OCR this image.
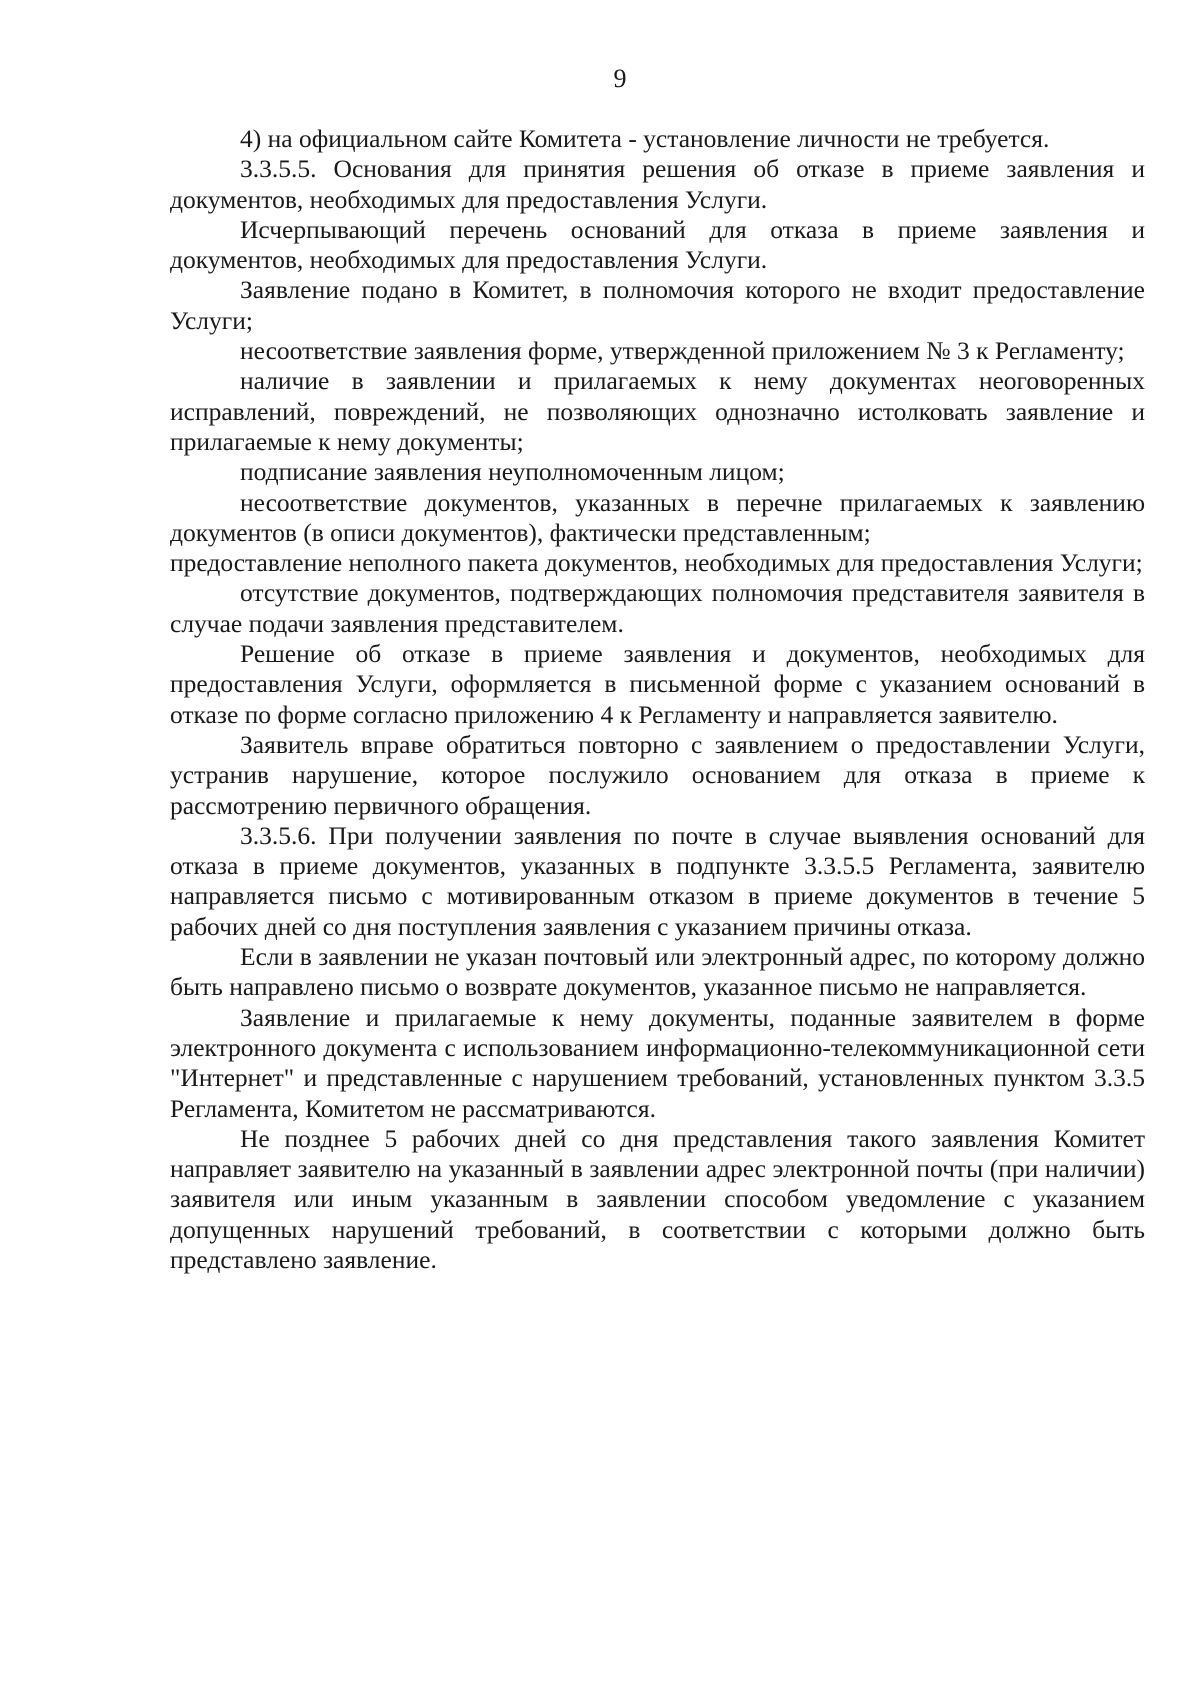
9

4) на официальном сайте Комитета - установление личности не требуется.

3.3.5.5. Основания для принятия решения об отказе в приеме заявления и документов, необходимых для предоставления Услуги.

Исчерпывающий перечень оснований для отказа в приеме заявления и документов, необходимых для предоставления Услуги.

Заявление подано в Комитет, в полномочия которого не входит предоставление Услуги;

несоответствие заявления форме, утвержденной приложением № 3 к Регламенту;

наличие в заявлении и прилагаемых к нему документах неоговоренных исправлений, повреждений, не позволяющих однозначно истолковать заявление и прилагаемые к нему документы;

подписание заявления неуполномоченным лицом;

несоответствие документов, указанных в перечне прилагаемых к заявлению документов (в описи документов), фактически представленным;

предоставление неполного пакета документов, необходимых для предоставления Услуги;

отсутствие документов, подтверждающих полномочия представителя заявителя в случае подачи заявления представителем.

Решение об отказе в приеме заявления и документов, необходимых для предоставления Услуги, оформляется в письменной форме с указанием оснований в отказе по форме согласно приложению 4 к Регламенту и направляется заявителю.

Заявитель вправе обратиться повторно с заявлением о предоставлении Услуги, устранив нарушение, которое послужило основанием для отказа в приеме к рассмотрению первичного обращения.

3.3.5.6. При получении заявления по почте в случае выявления оснований для отказа в приеме документов, указанных в подпункте 3.3.5.5 Регламента, заявителю направляется письмо с мотивированным отказом в приеме документов в течение 5 рабочих дней со дня поступления заявления с указанием причины отказа.

Если в заявлении не указан почтовый или электронный адрес, по которому должно быть направлено письмо о возврате документов, указанное письмо не направляется.

Заявление и прилагаемые к нему документы, поданные заявителем в форме электронного документа с использованием информационно-телекоммуникационной сети "Интернет" и представленные с нарушением требований, установленных пунктом 3.3.5 Регламента, Комитетом не рассматриваются.

Не позднее 5 рабочих дней со дня представления такого заявления Комитет направляет заявителю на указанный в заявлении адрес электронной почты (при наличии) заявителя или иным указанным в заявлении способом уведомление с указанием допущенных нарушений требований, в соответствии с которыми должно быть представлено заявление.
